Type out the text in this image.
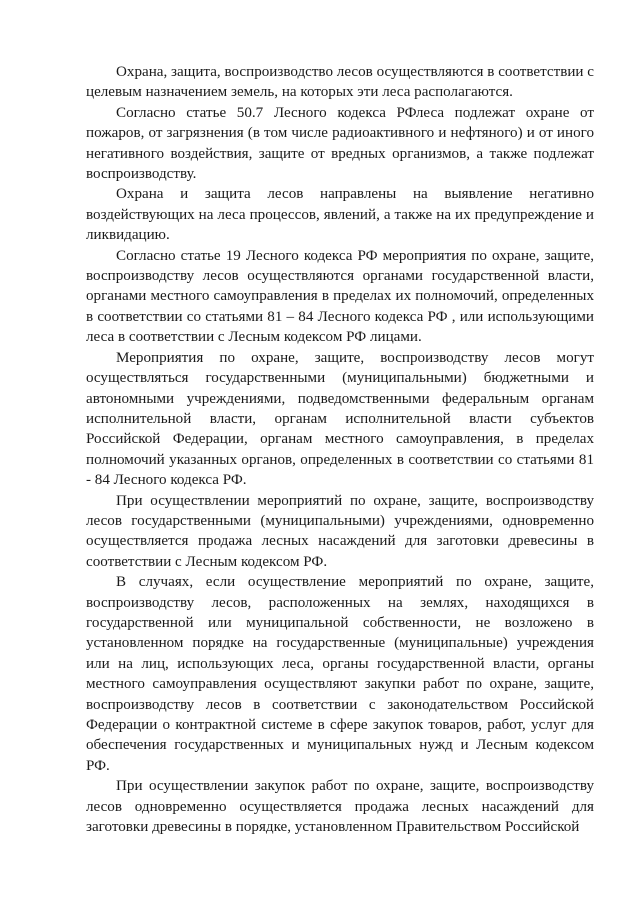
Охрана, защита, воспроизводство лесов осуществляются в соответствии с целевым назначением земель, на которых эти леса располагаются.

Согласно статье 50.7 Лесного кодекса РФлеса подлежат охране от пожаров, от загрязнения (в том числе радиоактивного и нефтяного) и от иного негативного воздействия, защите от вредных организмов, а также подлежат воспроизводству.

Охрана и защита лесов направлены на выявление негативно воздействующих на леса процессов, явлений, а также на их предупреждение и ликвидацию.

Согласно статье 19 Лесного кодекса РФ мероприятия по охране, защите, воспроизводству лесов осуществляются органами государственной власти, органами местного самоуправления в пределах их полномочий, определенных в соответствии со статьями 81 – 84 Лесного кодекса РФ , или использующими леса в соответствии с Лесным кодексом РФ лицами.

Мероприятия по охране, защите, воспроизводству лесов могут осуществляться государственными (муниципальными) бюджетными и автономными учреждениями, подведомственными федеральным органам исполнительной власти, органам исполнительной власти субъектов Российской Федерации, органам местного самоуправления, в пределах полномочий указанных органов, определенных в соответствии со статьями 81 - 84 Лесного кодекса РФ.

При осуществлении мероприятий по охране, защите, воспроизводству лесов государственными (муниципальными) учреждениями, одновременно осуществляется продажа лесных насаждений для заготовки древесины в соответствии с Лесным кодексом РФ.

В случаях, если осуществление мероприятий по охране, защите, воспроизводству лесов, расположенных на землях, находящихся в государственной или муниципальной собственности, не возложено в установленном порядке на государственные (муниципальные) учреждения или на лиц, использующих леса, органы государственной власти, органы местного самоуправления осуществляют закупки работ по охране, защите, воспроизводству лесов в соответствии с законодательством Российской Федерации о контрактной системе в сфере закупок товаров, работ, услуг для обеспечения государственных и муниципальных нужд и Лесным кодексом РФ.

При осуществлении закупок работ по охране, защите, воспроизводству лесов одновременно осуществляется продажа лесных насаждений для заготовки древесины в порядке, установленном Правительством Российской
